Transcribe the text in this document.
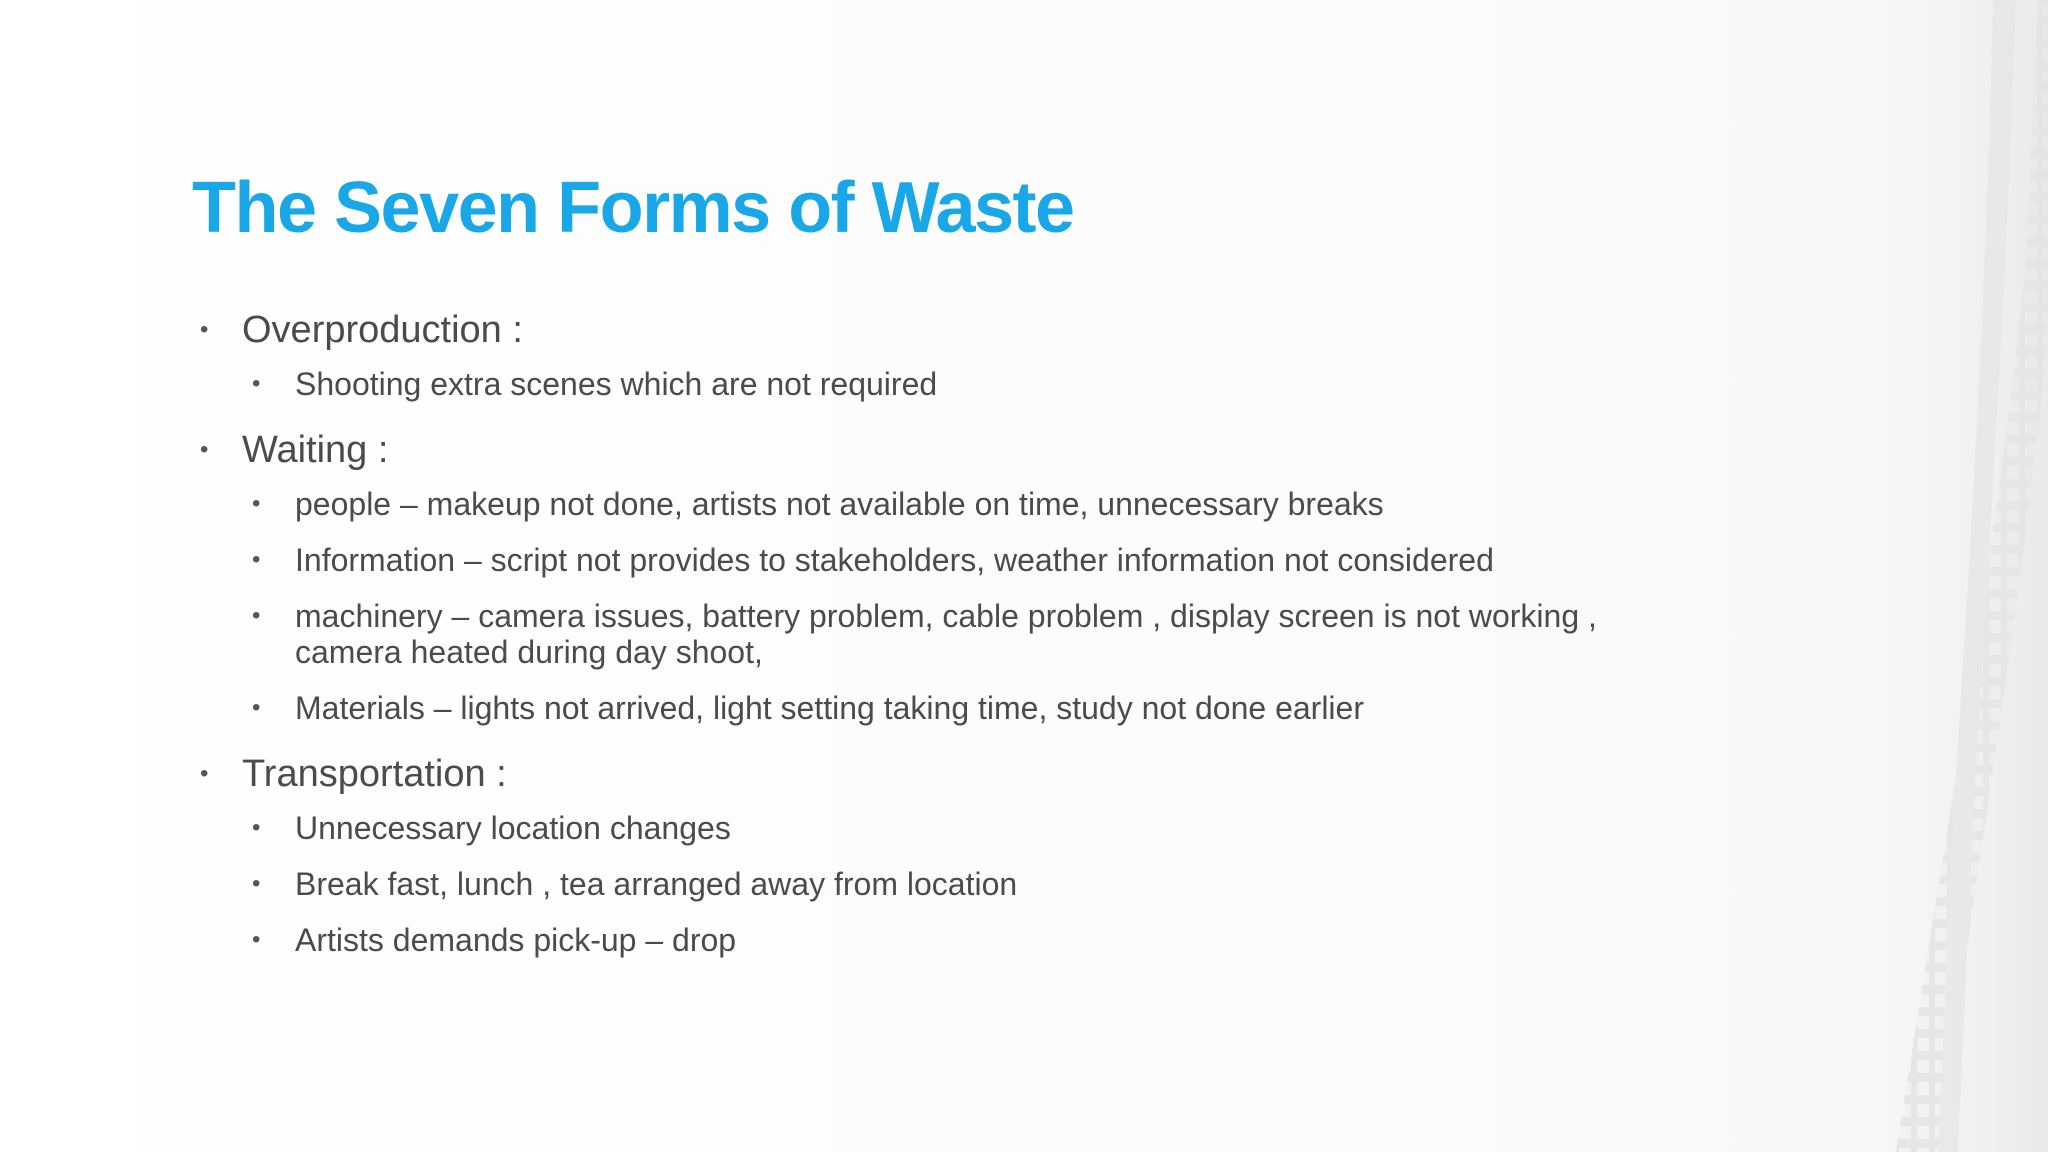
The Seven Forms of Waste
• Overproduction :
• Shooting extra scenes which are not required
• Waiting :
• people – makeup not done, artists not available on time, unnecessary breaks
• Information – script not provides to stakeholders, weather information not considered
• machinery – camera issues, battery problem, cable problem , display screen is not working , camera heated during day shoot,
• Materials – lights not arrived, light setting taking time, study not done earlier
• Transportation :
• Unnecessary location changes
• Break fast, lunch , tea arranged away from location
• Artists demands pick-up – drop
